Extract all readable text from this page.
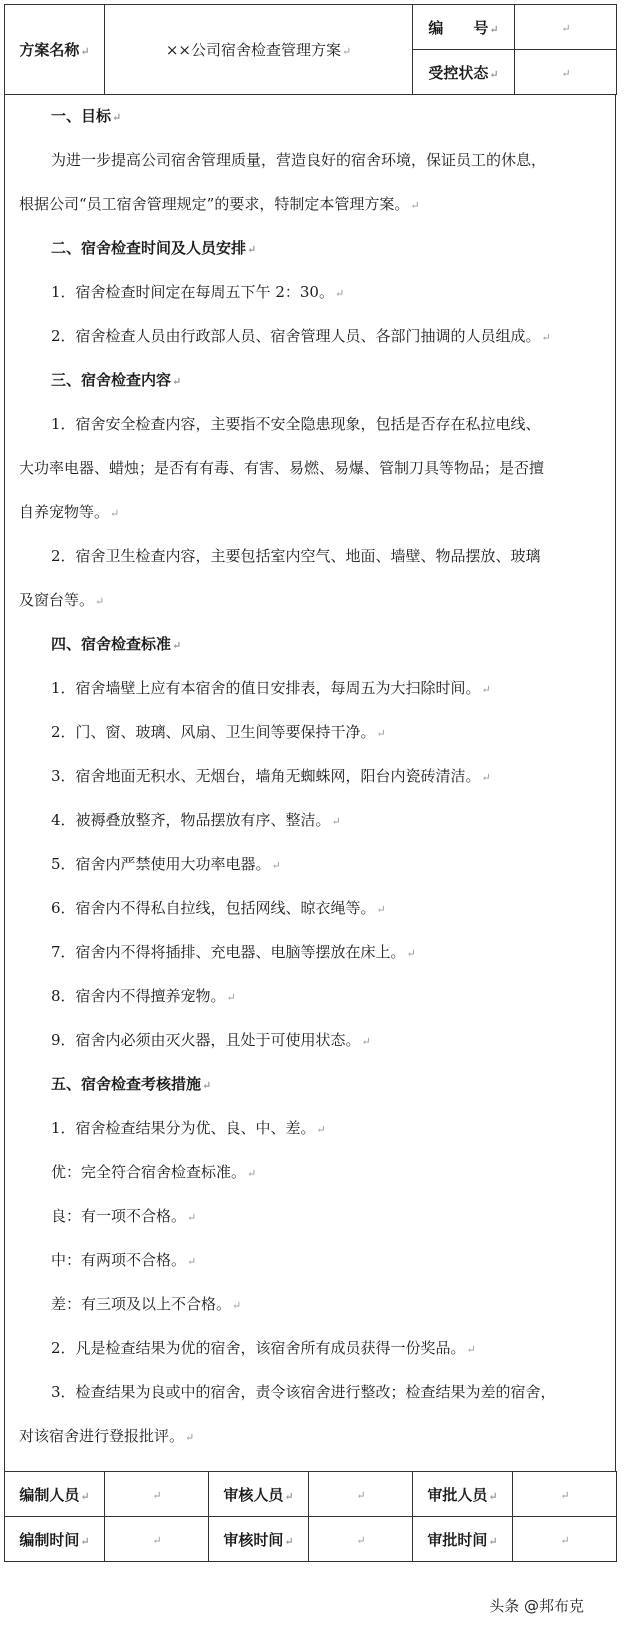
方案名称↵	××公司宿舍检查管理方案↵	编　　号↵	↵
		受控状态↵	↵
一、目标↵
为进一步提高公司宿舍管理质量，营造良好的宿舍环境，保证员工的休息，
根据公司“员工宿舍管理规定”的要求，特制定本管理方案。↵
二、宿舍检查时间及人员安排↵
1．宿舍检查时间定在每周五下午 2：30。↵
2．宿舍检查人员由行政部人员、宿舍管理人员、各部门抽调的人员组成。↵
三、宿舍检查内容↵
1．宿舍安全检查内容，主要指不安全隐患现象，包括是否存在私拉电线、
大功率电器、蜡烛；是否有有毒、有害、易燃、易爆、管制刀具等物品；是否擅
自养宠物等。↵
2．宿舍卫生检查内容，主要包括室内空气、地面、墙壁、物品摆放、玻璃
及窗台等。↵
四、宿舍检查标准↵
1．宿舍墙壁上应有本宿舍的值日安排表，每周五为大扫除时间。↵
2．门、窗、玻璃、风扇、卫生间等要保持干净。↵
3．宿舍地面无积水、无烟台，墙角无蜘蛛网，阳台内瓷砖清洁。↵
4．被褥叠放整齐，物品摆放有序、整洁。↵
5．宿舍内严禁使用大功率电器。↵
6．宿舍内不得私自拉线，包括网线、晾衣绳等。↵
7．宿舍内不得将插排、充电器、电脑等摆放在床上。↵
8．宿舍内不得擅养宠物。↵
9．宿舍内必须由灭火器，且处于可使用状态。↵
五、宿舍检查考核措施↵
1．宿舍检查结果分为优、良、中、差。↵
优：完全符合宿舍检查标准。↵
良：有一项不合格。↵
中：有两项不合格。↵
差：有三项及以上不合格。↵
2．凡是检查结果为优的宿舍，该宿舍所有成员获得一份奖品。↵
3．检查结果为良或中的宿舍，责令该宿舍进行整改；检查结果为差的宿舍，
对该宿舍进行登报批评。↵
编制人员↵	↵	审核人员↵	↵	审批人员↵	↵
编制时间↵	↵	审核时间↵	↵	审批时间↵	↵
头条 @邦布克
